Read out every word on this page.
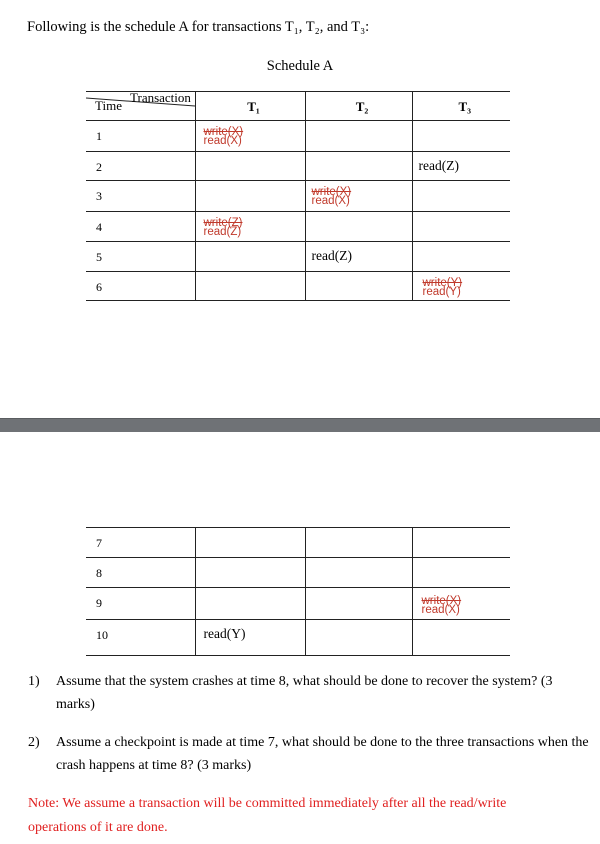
Following is the schedule A for transactions T₁, T₂, and T₃:
Schedule A
Time
Transaction	T₁	T₂	T₃

1	write(X)
read(X)		

2			read(Z)

3		write(X)
read(X)	

4	write(Z)
read(Z)		

5		read(Z)	

6			write(Y)
read(Y)
7			
8			
9			write(X)
read(X)

10	read(Y)		

1) Assume that the system crashes at time 8, what should be done to recover the system? (3 marks)
2) Assume a checkpoint is made at time 7, what should be done to the three transactions when the crash happens at time 8? (3 marks)
Note: We assume a transaction will be committed immediately after all the read/write operations of it are done.
